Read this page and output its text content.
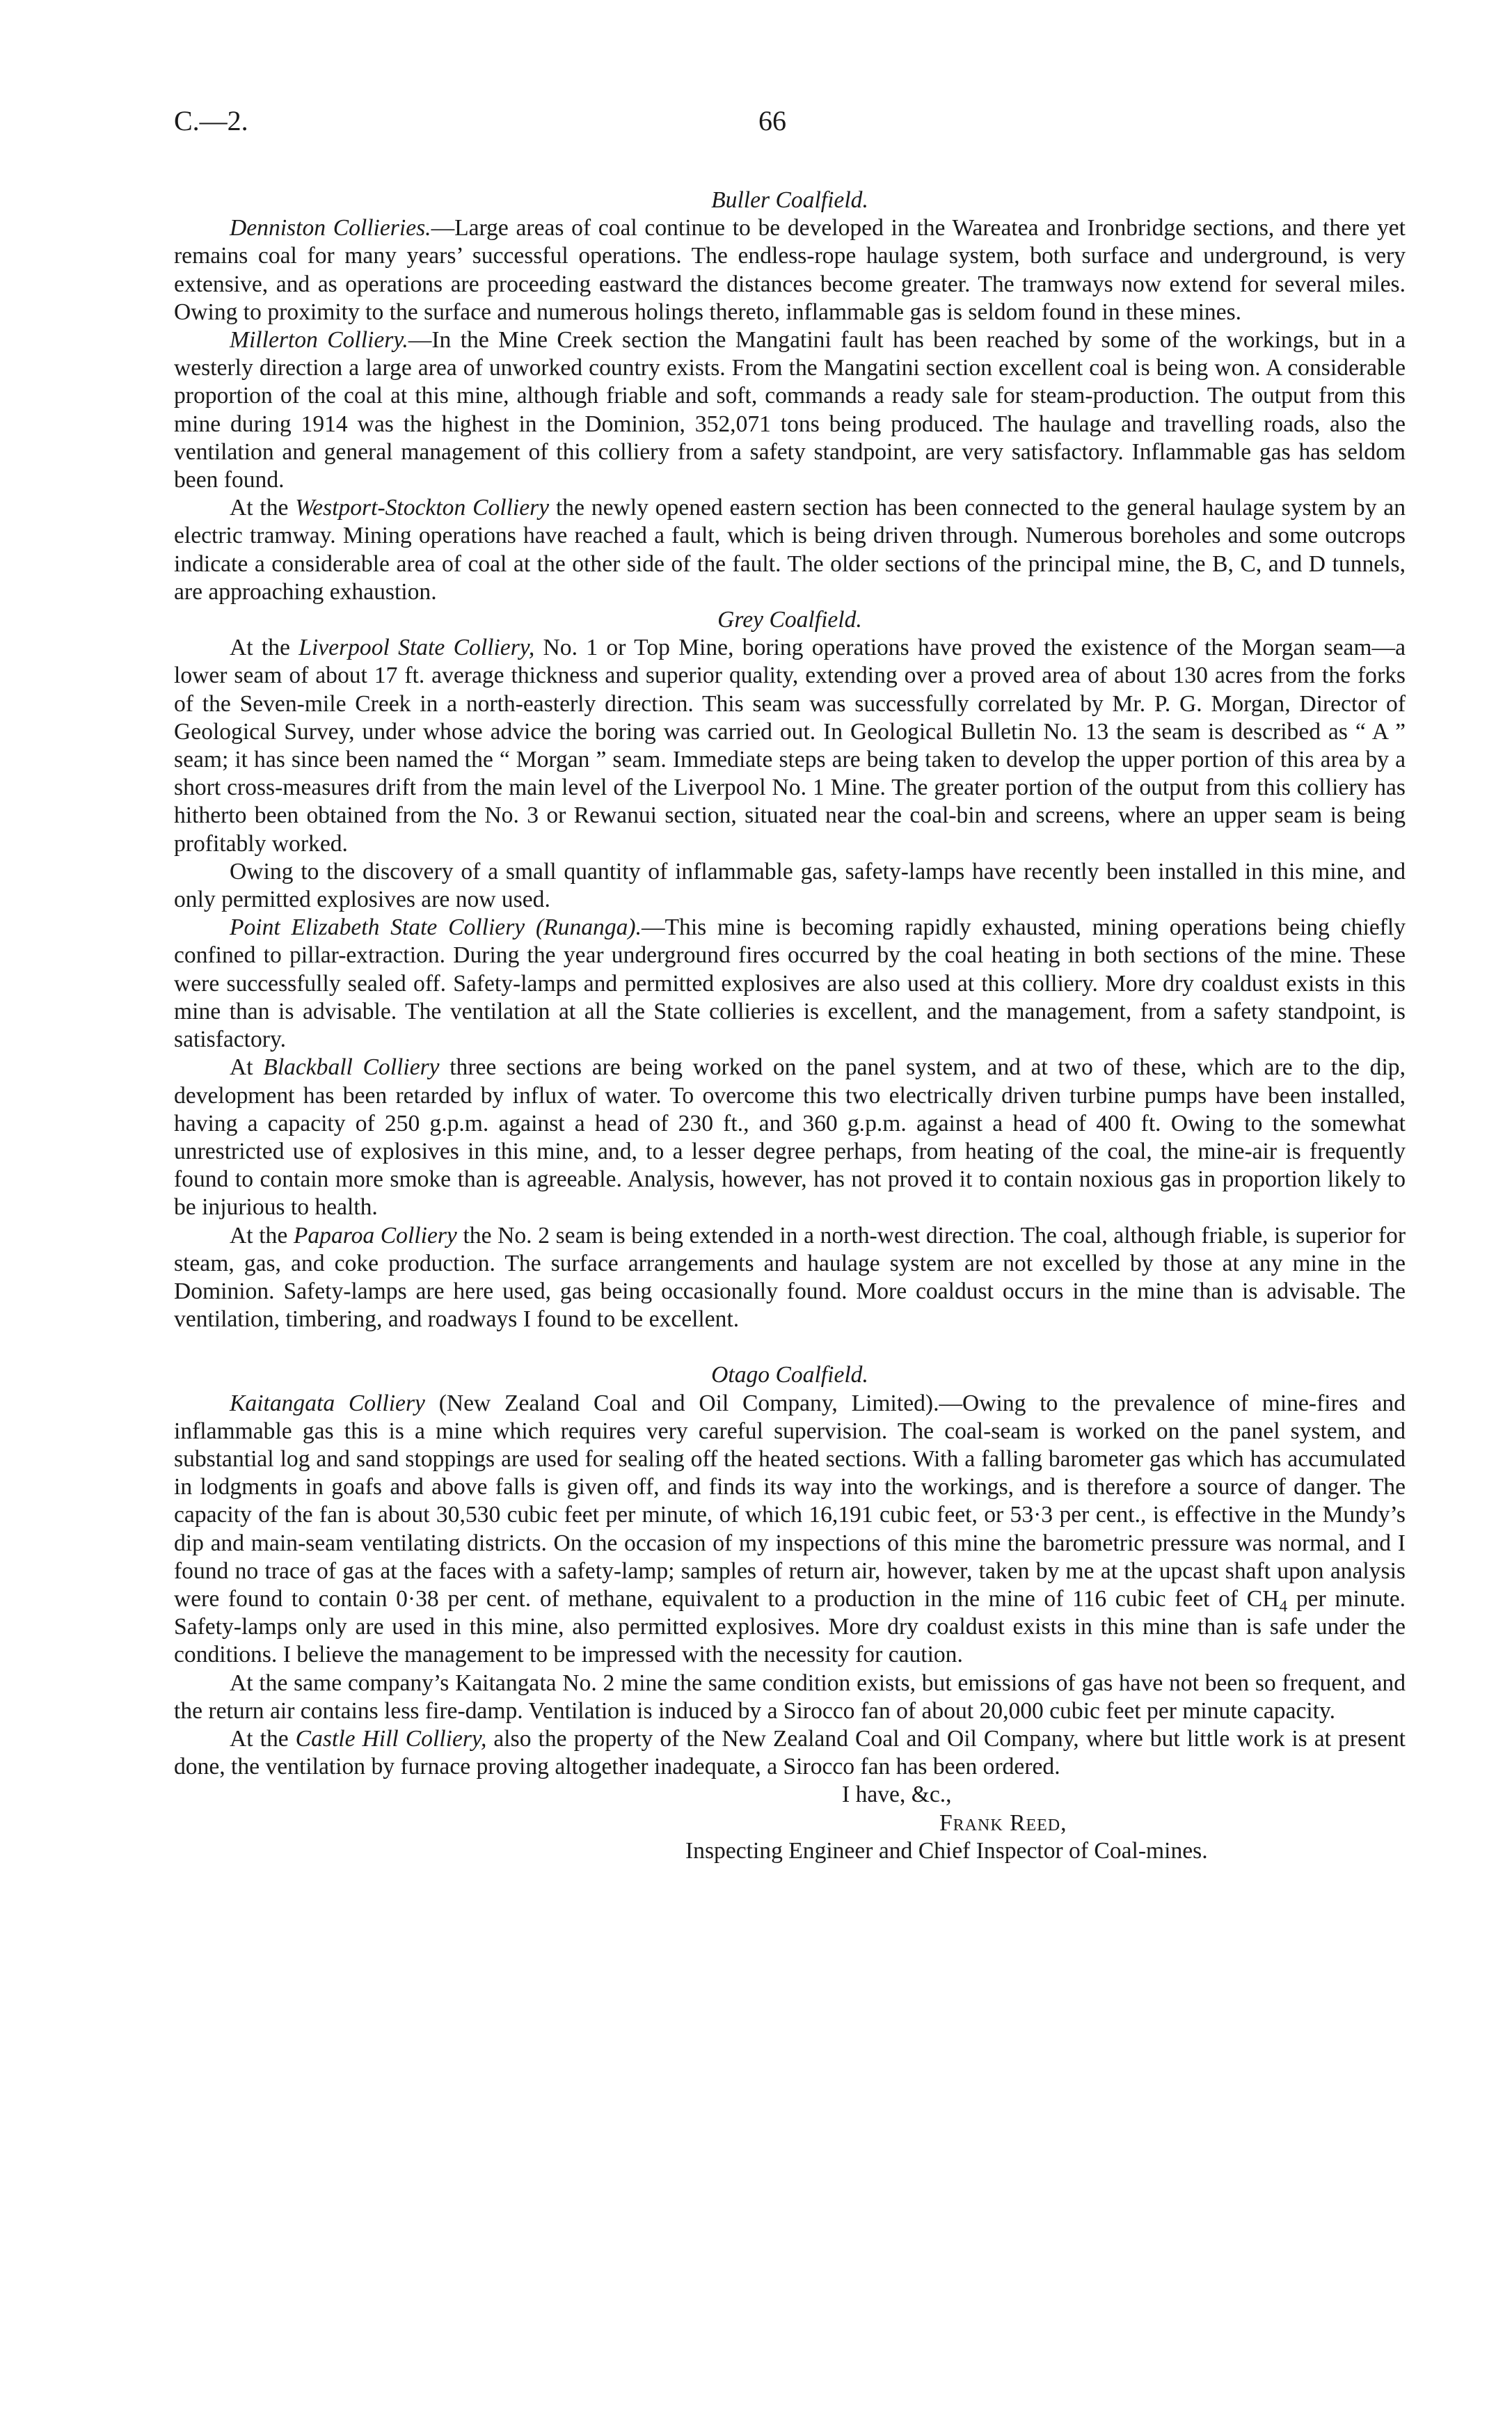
C.—2.	66
Buller Coalfield.

Denniston Collieries.—Large areas of coal continue to be developed in the Wareatea and Ironbridge sections, and there yet remains coal for many years’ successful operations. The endless-rope haulage system, both surface and underground, is very extensive, and as operations are proceeding eastward the distances become greater. The tramways now extend for several miles. Owing to proximity to the surface and numerous holings thereto, inflammable gas is seldom found in these mines.

Millerton Colliery.—In the Mine Creek section the Mangatini fault has been reached by some of the workings, but in a westerly direction a large area of unworked country exists. From the Mangatini section excellent coal is being won. A considerable proportion of the coal at this mine, although friable and soft, commands a ready sale for steam-production. The output from this mine during 1914 was the highest in the Dominion, 352,071 tons being produced. The haulage and travelling roads, also the ventilation and general management of this colliery from a safety standpoint, are very satisfactory. Inflammable gas has seldom been found.

At the Westport-Stockton Colliery the newly opened eastern section has been connected to the general haulage system by an electric tramway. Mining operations have reached a fault, which is being driven through. Numerous boreholes and some outcrops indicate a considerable area of coal at the other side of the fault. The older sections of the principal mine, the B, C, and D tunnels, are approaching exhaustion.

Grey Coalfield.

At the Liverpool State Colliery, No. 1 or Top Mine, boring operations have proved the existence of the Morgan seam—a lower seam of about 17 ft. average thickness and superior quality, extending over a proved area of about 130 acres from the forks of the Seven-mile Creek in a north-easterly direction. This seam was successfully correlated by Mr. P. G. Morgan, Director of Geological Survey, under whose advice the boring was carried out. In Geological Bulletin No. 13 the seam is described as “ A ” seam; it has since been named the “ Morgan ” seam. Immediate steps are being taken to develop the upper portion of this area by a short cross-measures drift from the main level of the Liverpool No. 1 Mine. The greater portion of the output from this colliery has hitherto been obtained from the No. 3 or Rewanui section, situated near the coal-bin and screens, where an upper seam is being profitably worked.

Owing to the discovery of a small quantity of inflammable gas, safety-lamps have recently been installed in this mine, and only permitted explosives are now used.

Point Elizabeth State Colliery (Runanga).—This mine is becoming rapidly exhausted, mining operations being chiefly confined to pillar-extraction. During the year underground fires occurred by the coal heating in both sections of the mine. These were successfully sealed off. Safety-lamps and permitted explosives are also used at this colliery. More dry coaldust exists in this mine than is advisable. The ventilation at all the State collieries is excellent, and the management, from a safety standpoint, is satisfactory.

At Blackball Colliery three sections are being worked on the panel system, and at two of these, which are to the dip, development has been retarded by influx of water. To overcome this two electrically driven turbine pumps have been installed, having a capacity of 250 g.p.m. against a head of 230 ft., and 360 g.p.m. against a head of 400 ft. Owing to the somewhat unrestricted use of explosives in this mine, and, to a lesser degree perhaps, from heating of the coal, the mine-air is frequently found to contain more smoke than is agreeable. Analysis, however, has not proved it to contain noxious gas in proportion likely to be injurious to health.

At the Paparoa Colliery the No. 2 seam is being extended in a north-west direction. The coal, although friable, is superior for steam, gas, and coke production. The surface arrangements and haulage system are not excelled by those at any mine in the Dominion. Safety-lamps are here used, gas being occasionally found. More coaldust occurs in the mine than is advisable. The ventilation, timbering, and roadways I found to be excellent.

Otago Coalfield.

Kaitangata Colliery (New Zealand Coal and Oil Company, Limited).—Owing to the prevalence of mine-fires and inflammable gas this is a mine which requires very careful supervision. The coal-seam is worked on the panel system, and substantial log and sand stoppings are used for sealing off the heated sections. With a falling barometer gas which has accumulated in lodgments in goafs and above falls is given off, and finds its way into the workings, and is therefore a source of danger. The capacity of the fan is about 30,530 cubic feet per minute, of which 16,191 cubic feet, or 53·3 per cent., is effective in the Mundy’s dip and main-seam ventilating districts. On the occasion of my inspections of this mine the barometric pressure was normal, and I found no trace of gas at the faces with a safety-lamp; samples of return air, however, taken by me at the upcast shaft upon analysis were found to contain 0·38 per cent. of methane, equivalent to a production in the mine of 116 cubic feet of $CH_4$ per minute. Safety-lamps only are used in this mine, also permitted explosives. More dry coaldust exists in this mine than is safe under the conditions. I believe the management to be impressed with the necessity for caution.

At the same company’s Kaitangata No. 2 mine the same condition exists, but emissions of gas have not been so frequent, and the return air contains less fire-damp. Ventilation is induced by a Sirocco fan of about 20,000 cubic feet per minute capacity.

At the Castle Hill Colliery, also the property of the New Zealand Coal and Oil Company, where but little work is at present done, the ventilation by furnace proving altogether inadequate, a Sirocco fan has been ordered.

I have, &c.,
Frank Reed,
Inspecting Engineer and Chief Inspector of Coal-mines.
